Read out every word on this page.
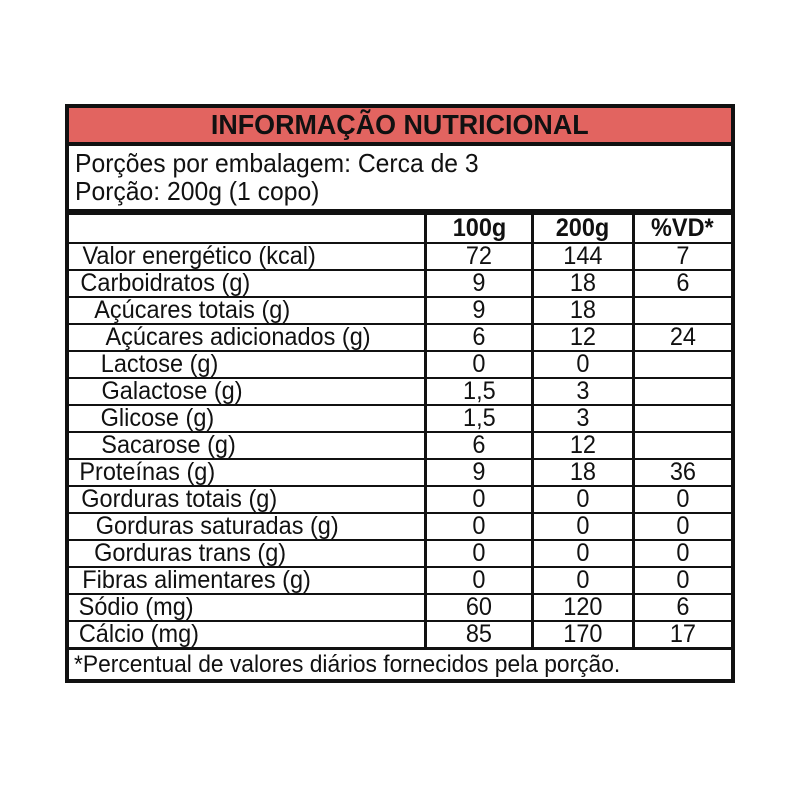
INFORMAÇÃO NUTRICIONAL
Porções por embalagem: Cerca de 3
Porção: 200g (1 copo)
100g 200g %VD*
Valor energético (kcal)	72	144	7
Carboidratos (g)	9	18	6
Açúcares totais (g)	9	18
Açúcares adicionados (g)	6	12	24
Lactose (g)	0	0
Galactose (g)	1,5	3
Glicose (g)	1,5	3
Sacarose (g)	6	12
Proteínas (g)	9	18	36
Gorduras totais (g)	0	0	0
Gorduras saturadas (g)	0	0	0
Gorduras trans (g)	0	0	0
Fibras alimentares (g)	0	0	0
Sódio (mg)	60	120	6
Cálcio (mg)	85	170	17
*Percentual de valores diários fornecidos pela porção.
